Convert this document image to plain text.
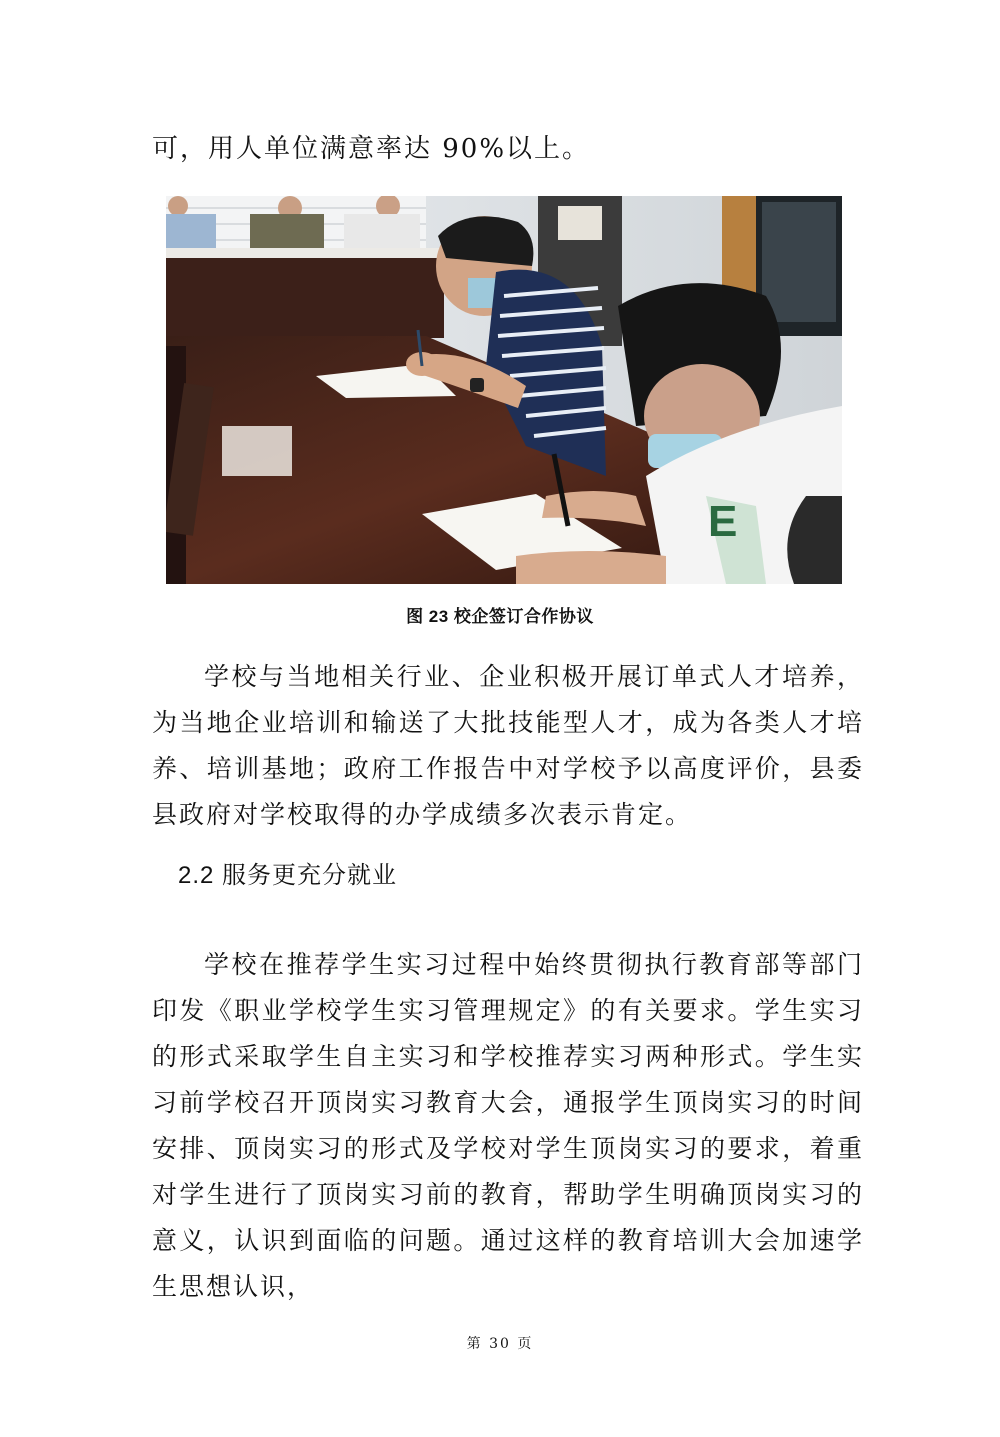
可，用人单位满意率达 90%以上。
E
图 23 校企签订合作协议

学校与当地相关行业、企业积极开展订单式人才培养，为当地企业培训和输送了大批技能型人才，成为各类人才培养、培训基地；政府工作报告中对学校予以高度评价，县委县政府对学校取得的办学成绩多次表示肯定。

2.2 服务更充分就业

学校在推荐学生实习过程中始终贯彻执行教育部等部门印发《职业学校学生实习管理规定》的有关要求。学生实习的形式采取学生自主实习和学校推荐实习两种形式。学生实习前学校召开顶岗实习教育大会，通报学生顶岗实习的时间安排、顶岗实习的形式及学校对学生顶岗实习的要求，着重对学生进行了顶岗实习前的教育，帮助学生明确顶岗实习的意义，认识到面临的问题。通过这样的教育培训大会加速学生思想认识，

第 30 页
